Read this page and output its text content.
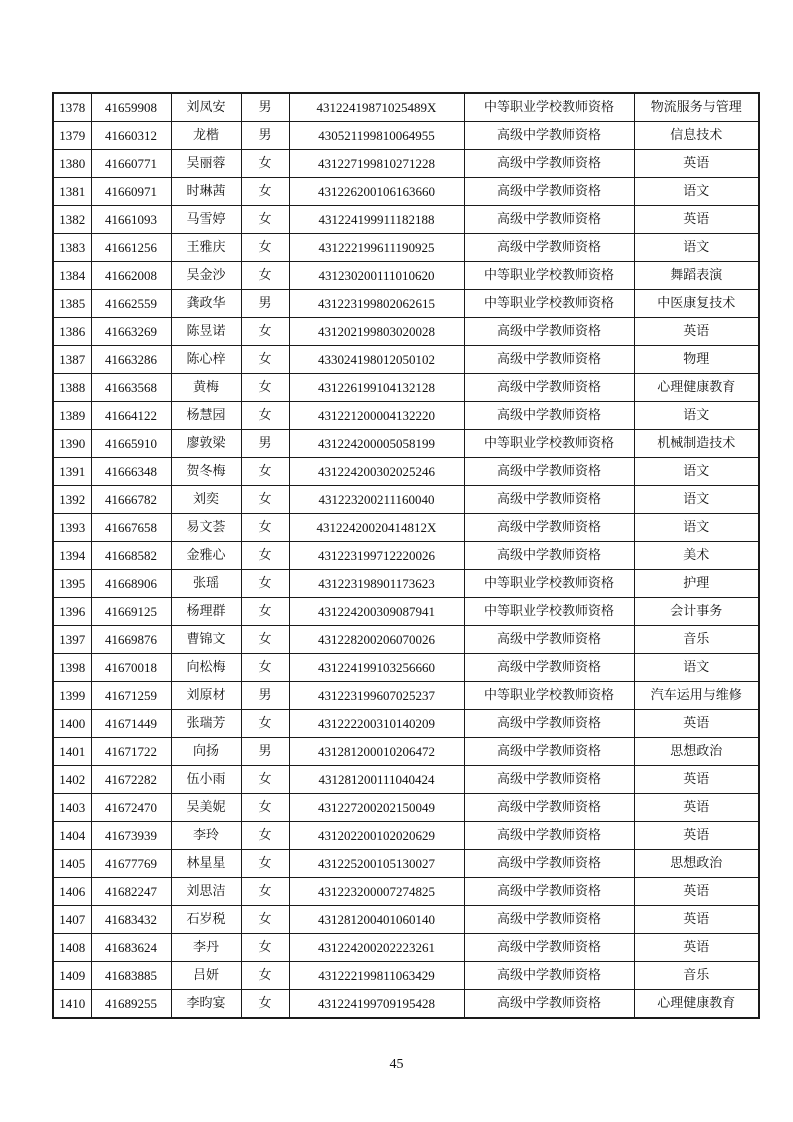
1378	41659908	刘凤安	男	43122419871025489X	中等职业学校教师资格	物流服务与管理
1379	41660312	龙楷	男	430521199810064955	高级中学教师资格	信息技术
1380	41660771	吴丽蓉	女	431227199810271228	高级中学教师资格	英语
1381	41660971	时琳茜	女	431226200106163660	高级中学教师资格	语文
1382	41661093	马雪婷	女	431224199911182188	高级中学教师资格	英语
1383	41661256	王雅庆	女	431222199611190925	高级中学教师资格	语文
1384	41662008	吴金沙	女	431230200111010620	中等职业学校教师资格	舞蹈表演
1385	41662559	龚政华	男	431223199802062615	中等职业学校教师资格	中医康复技术
1386	41663269	陈昱诺	女	431202199803020028	高级中学教师资格	英语
1387	41663286	陈心梓	女	433024198012050102	高级中学教师资格	物理
1388	41663568	黄梅	女	431226199104132128	高级中学教师资格	心理健康教育
1389	41664122	杨慧园	女	431221200004132220	高级中学教师资格	语文
1390	41665910	廖敦梁	男	431224200005058199	中等职业学校教师资格	机械制造技术
1391	41666348	贺冬梅	女	431224200302025246	高级中学教师资格	语文
1392	41666782	刘奕	女	431223200211160040	高级中学教师资格	语文
1393	41667658	易文荟	女	43122420020414812X	高级中学教师资格	语文
1394	41668582	金雅心	女	431223199712220026	高级中学教师资格	美术
1395	41668906	张瑶	女	431223198901173623	中等职业学校教师资格	护理
1396	41669125	杨理群	女	431224200309087941	中等职业学校教师资格	会计事务
1397	41669876	曹锦文	女	431228200206070026	高级中学教师资格	音乐
1398	41670018	向松梅	女	431224199103256660	高级中学教师资格	语文
1399	41671259	刘原材	男	431223199607025237	中等职业学校教师资格	汽车运用与维修
1400	41671449	张瑞芳	女	431222200310140209	高级中学教师资格	英语
1401	41671722	向扬	男	431281200010206472	高级中学教师资格	思想政治
1402	41672282	伍小雨	女	431281200111040424	高级中学教师资格	英语
1403	41672470	吴美妮	女	431227200202150049	高级中学教师资格	英语
1404	41673939	李玲	女	431202200102020629	高级中学教师资格	英语
1405	41677769	林星星	女	431225200105130027	高级中学教师资格	思想政治
1406	41682247	刘思洁	女	431223200007274825	高级中学教师资格	英语
1407	41683432	石岁税	女	431281200401060140	高级中学教师资格	英语
1408	41683624	李丹	女	431224200202223261	高级中学教师资格	英语
1409	41683885	吕妍	女	431222199811063429	高级中学教师资格	音乐
1410	41689255	李昀宴	女	431224199709195428	高级中学教师资格	心理健康教育
45
